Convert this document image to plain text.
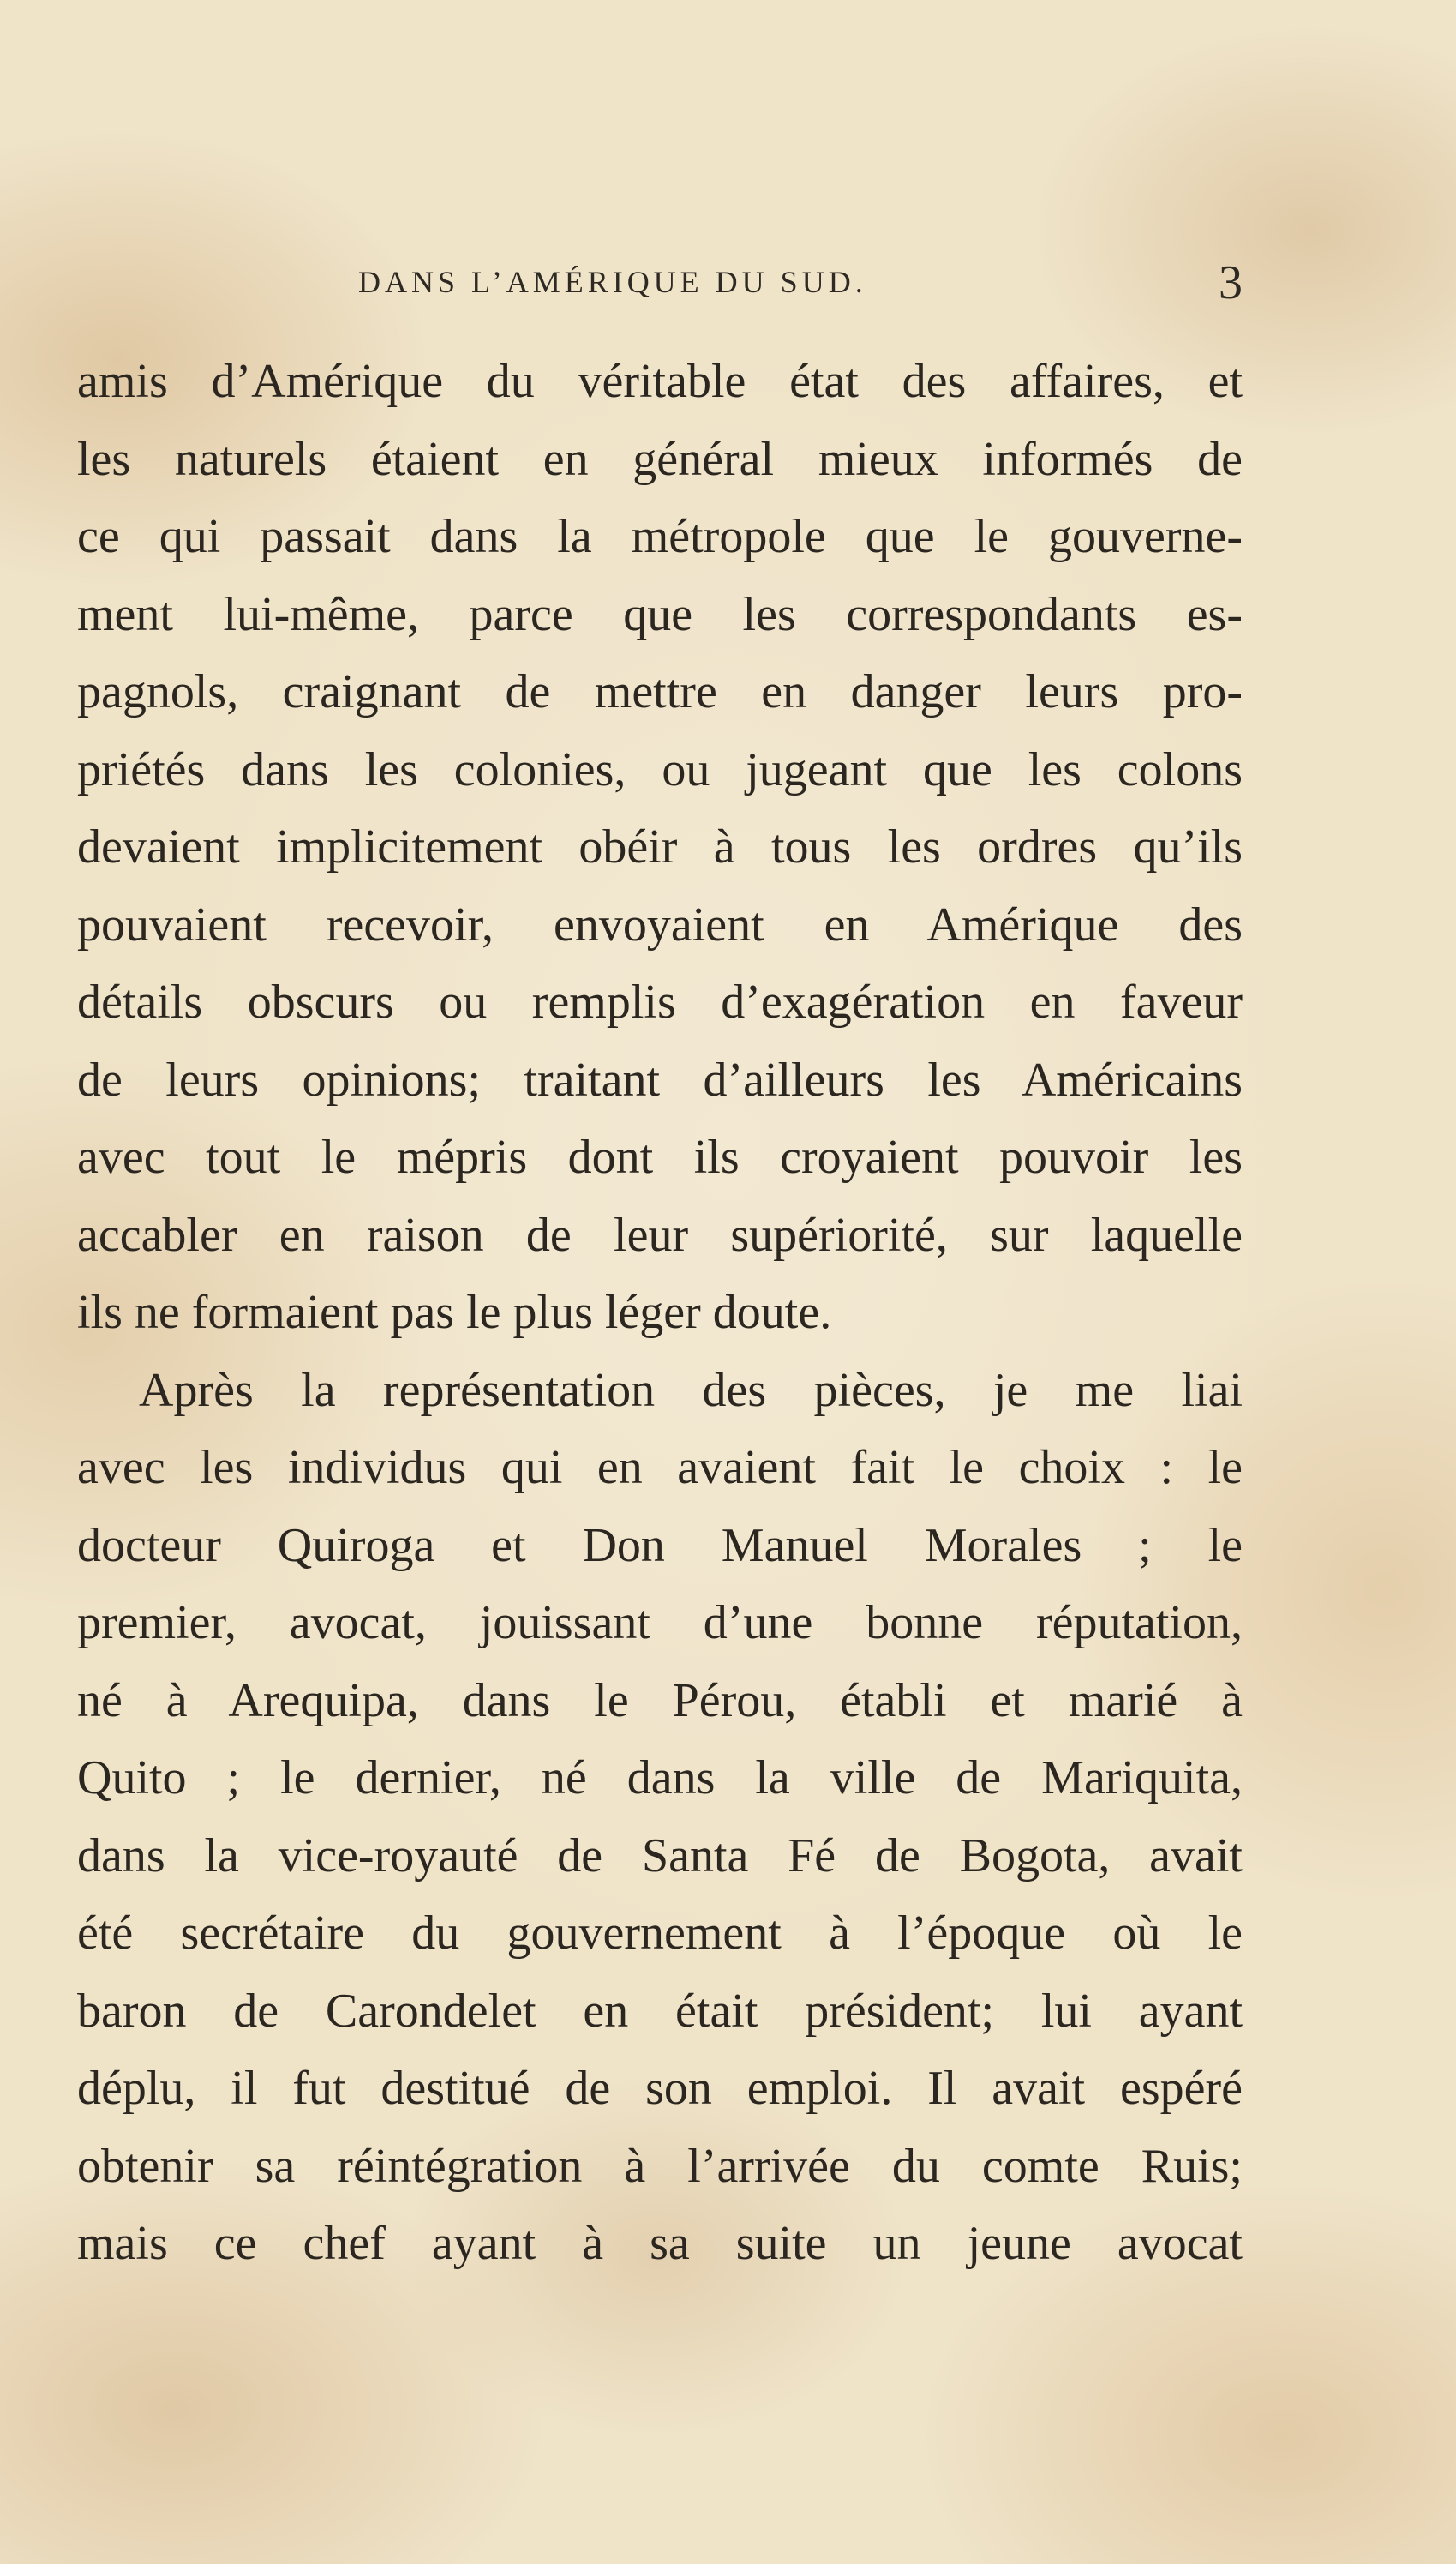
DANS L’AMÉRIQUE DU SUD.	3
amis d’Amérique du véritable état des affaires, et
les naturels étaient en général mieux informés de
ce qui passait dans la métropole que le gouverne-
ment lui-même, parce que les correspondants es-
pagnols, craignant de mettre en danger leurs pro-
priétés dans les colonies, ou jugeant que les colons
devaient implicitement obéir à tous les ordres qu’ils
pouvaient recevoir, envoyaient en Amérique des
détails obscurs ou remplis d’exagération en faveur
de leurs opinions; traitant d’ailleurs les Américains
avec tout le mépris dont ils croyaient pouvoir les
accabler en raison de leur supériorité, sur laquelle
ils ne formaient pas le plus léger doute.
Après la représentation des pièces, je me liai
avec les individus qui en avaient fait le choix : le
docteur Quiroga et Don Manuel Morales ; le
premier, avocat, jouissant d’une bonne réputation,
né à Arequipa, dans le Pérou, établi et marié à
Quito ; le dernier, né dans la ville de Mariquita,
dans la vice-royauté de Santa Fé de Bogota, avait
été secrétaire du gouvernement à l’époque où le
baron de Carondelet en était président; lui ayant
déplu, il fut destitué de son emploi. Il avait espéré
obtenir sa réintégration à l’arrivée du comte Ruis;
mais ce chef ayant à sa suite un jeune avocat
